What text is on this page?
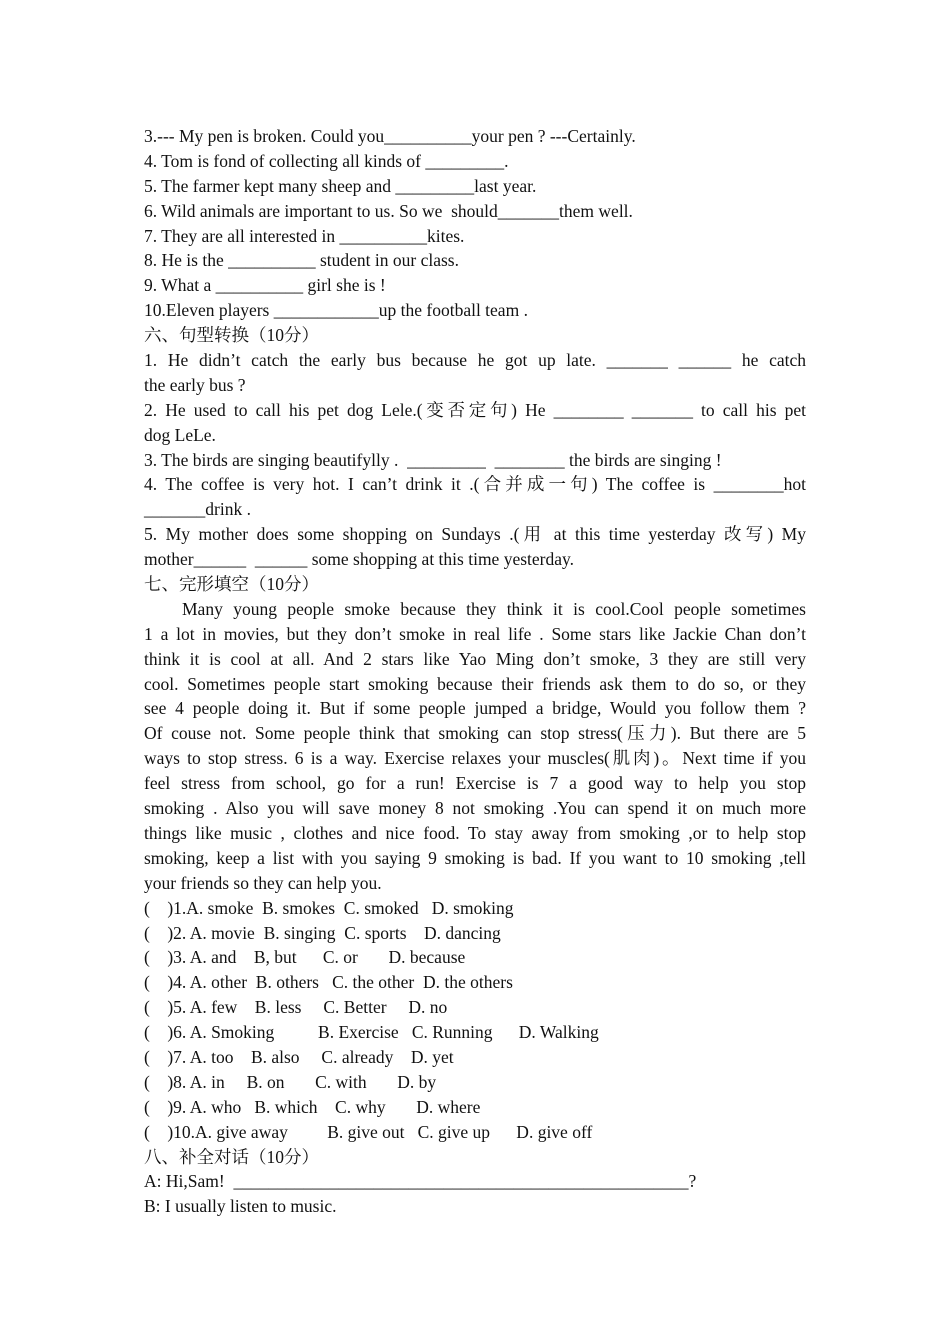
3.--- My pen is broken. Could you__________your pen ? ---Certainly.
4. Tom is fond of collecting all kinds of _________.
5. The farmer kept many sheep and _________last year.
6. Wild animals are important to us. So we  should_______them well.
7. They are all interested in __________kites.
8. He is the __________ student in our class.
9. What a __________ girl she is !
10.Eleven players ____________up the football team .
六、句型转换（10分）
1. He didn’t catch the early bus because he got up late. _______ ______ he catch
the early bus ?
2. He used to call his pet dog Lele.(变否定句) He ________ _______ to call his pet
dog LeLe.
3. The birds are singing beautifylly .  _________  ________ the birds are singing !
4. The coffee is very hot. I can’t drink it .(合并成一句) The coffee is ________hot
_______drink .
5. My mother does some shopping on Sundays .(用 at this time yesterday 改写) My
mother______  ______ some shopping at this time yesterday.
七、完形填空（10分）
Many young people smoke because they think it is cool.Cool people sometimes
1 a lot in movies, but they don’t smoke in real life . Some stars like Jackie Chan don’t
think it is cool at all. And 2 stars like Yao Ming don’t smoke, 3 they are still very
cool. Sometimes people start smoking because their friends ask them to do so, or they
see 4 people doing it. But if some people jumped a bridge, Would you follow them ?
Of couse not. Some people think that smoking can stop stress(压力). But there are 5
ways to stop stress. 6 is a way. Exercise relaxes your muscles(肌肉)。Next time if you
feel stress from school, go for a run! Exercise is 7 a good way to help you stop
smoking . Also you will save money 8 not smoking .You can spend it on much more
things like music , clothes and nice food. To stay away from smoking ,or to help stop
smoking, keep a list with you saying 9 smoking is bad. If you want to 10 smoking ,tell
your friends so they can help you.
(    )1.A. smoke  B. smokes  C. smoked   D. smoking
(    )2. A. movie  B. singing  C. sports    D. dancing
(    )3. A. and    B, but      C. or       D. because
(    )4. A. other  B. others   C. the other  D. the others
(    )5. A. few    B. less     C. Better     D. no
(    )6. A. Smoking          B. Exercise   C. Running      D. Walking
(    )7. A. too    B. also     C. already    D. yet
(    )8. A. in     B. on       C. with       D. by
(    )9. A. who   B. which    C. why       D. where
(    )10.A. give away         B. give out   C. give up      D. give off
八、补全对话（10分）
A: Hi,Sam!  ____________________________________________________?
B: I usually listen to music.
